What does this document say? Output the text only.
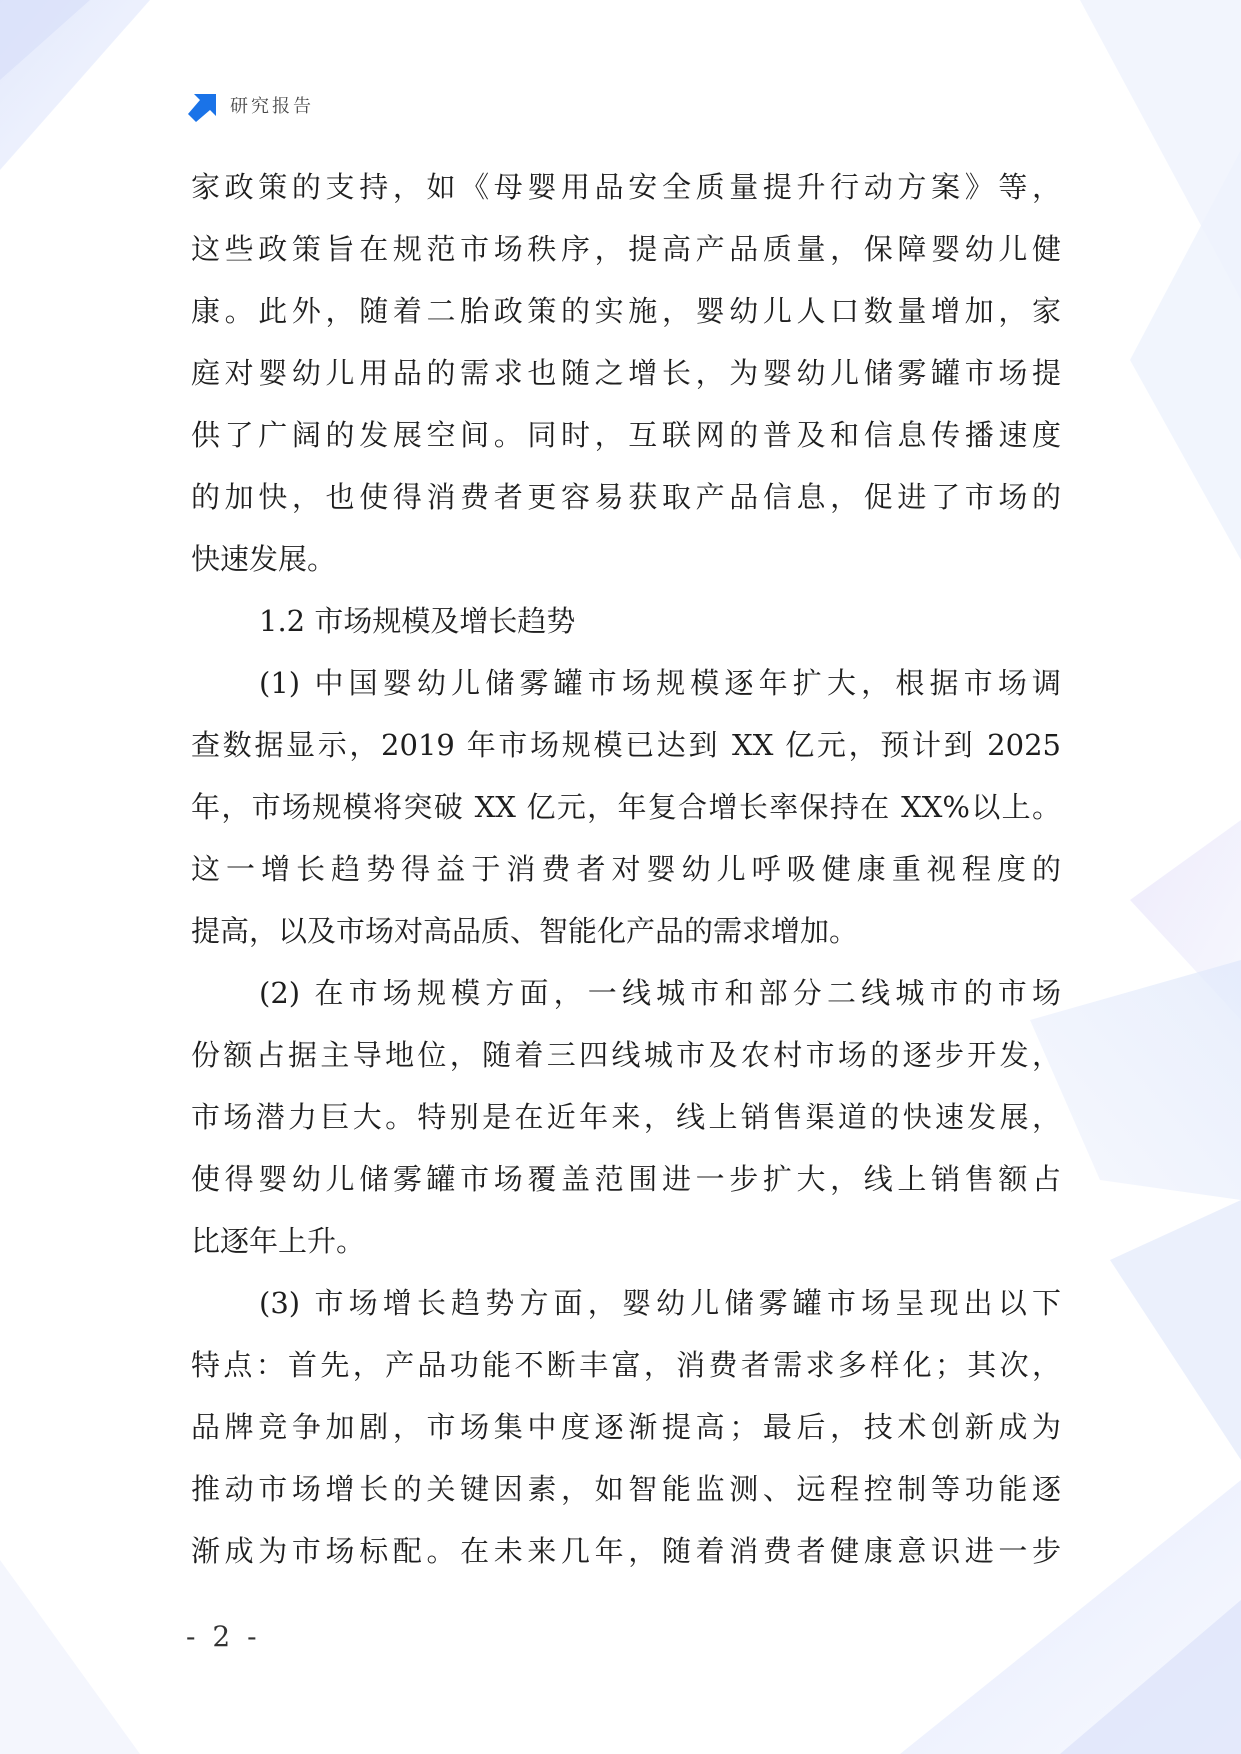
研究报告
家政策的支持，如《母婴用品安全质量提升行动方案》等，
这些政策旨在规范市场秩序，提高产品质量，保障婴幼儿健
康。此外，随着二胎政策的实施，婴幼儿人口数量增加，家
庭对婴幼儿用品的需求也随之增长，为婴幼儿储雾罐市场提
供了广阔的发展空间。同时，互联网的普及和信息传播速度
的加快，也使得消费者更容易获取产品信息，促进了市场的
快速发展。
1.2 市场规模及增长趋势
(1) 中国婴幼儿储雾罐市场规模逐年扩大，根据市场调
查数据显示，2019 年市场规模已达到 XX 亿元，预计到 2025
年，市场规模将突破 XX 亿元，年复合增长率保持在 XX%以上。
这一增长趋势得益于消费者对婴幼儿呼吸健康重视程度的
提高，以及市场对高品质、智能化产品的需求增加。
(2) 在市场规模方面，一线城市和部分二线城市的市场
份额占据主导地位，随着三四线城市及农村市场的逐步开发，
市场潜力巨大。特别是在近年来，线上销售渠道的快速发展，
使得婴幼儿储雾罐市场覆盖范围进一步扩大，线上销售额占
比逐年上升。
(3) 市场增长趋势方面，婴幼儿储雾罐市场呈现出以下
特点：首先，产品功能不断丰富，消费者需求多样化；其次，
品牌竞争加剧，市场集中度逐渐提高；最后，技术创新成为
推动市场增长的关键因素，如智能监测、远程控制等功能逐
渐成为市场标配。在未来几年，随着消费者健康意识进一步
- 2 -
